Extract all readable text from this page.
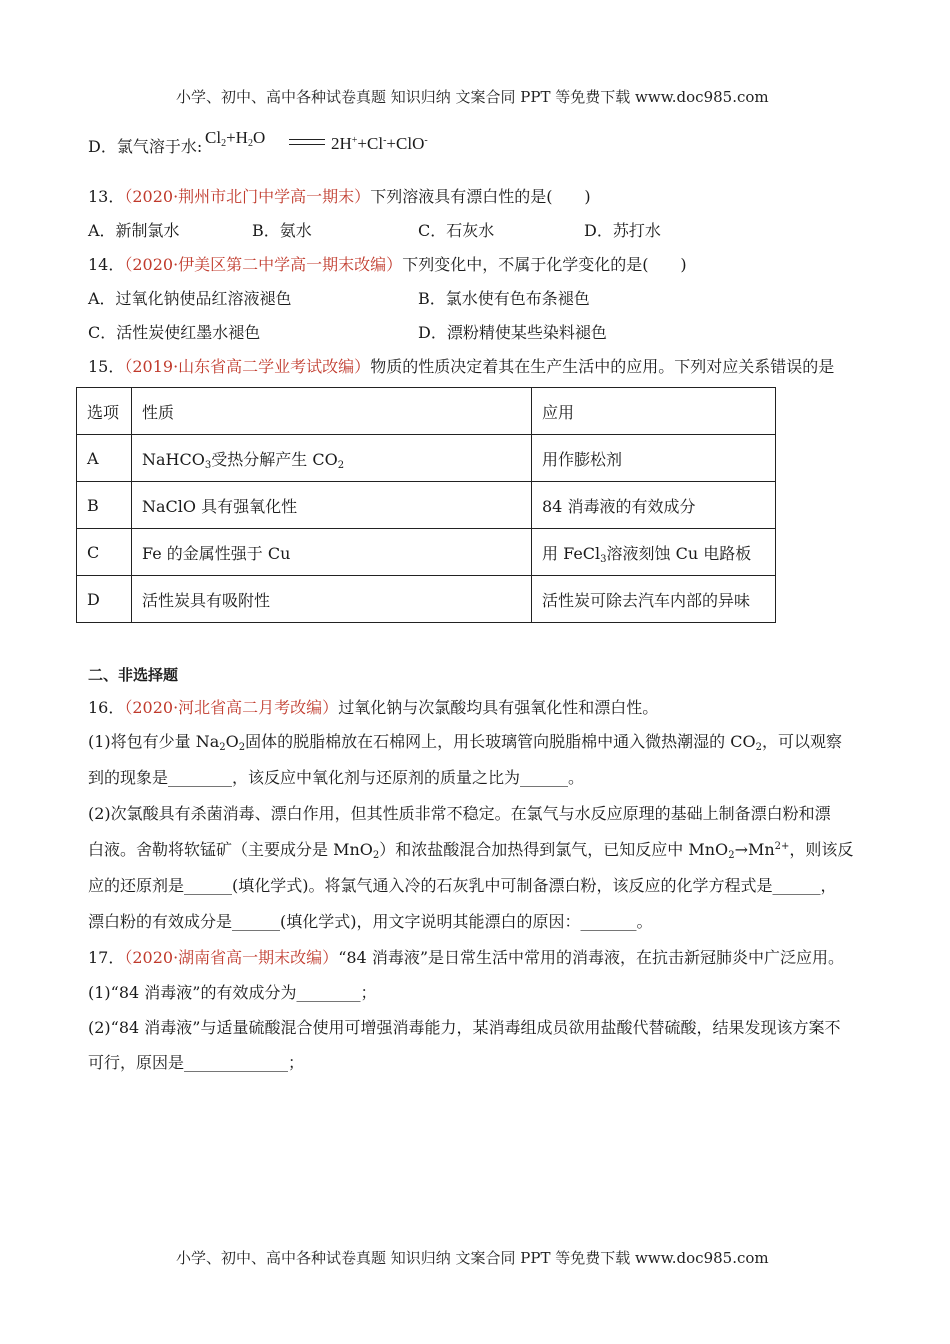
小学、初中、高中各种试卷真题 知识归纳 文案合同 PPT 等免费下载 www.doc985.com
D．氯气溶于水: $Cl_2+H_2O$	2H++Cl-+ClO-
13．（2020·荆州市北门中学高一期末）下列溶液具有漂白性的是(　　)
A．新制氯水	B．氨水	C．石灰水	D．苏打水
14．（2020·伊美区第二中学高一期末改编）下列变化中，不属于化学变化的是(　　)
A．过氧化钠使品红溶液褪色	B．氯水使有色布条褪色
C．活性炭使红墨水褪色	D．漂粉精使某些染料褪色
15．（2019·山东省高二学业考试改编）物质的性质决定着其在生产生活中的应用。下列对应关系错误的是
选项	性质	应用
A	NaHCO$_3$受热分解产生 $CO_2$	用作膨松剂
B	NaClO 具有强氧化性	84 消毒液的有效成分
C	Fe 的金属性强于 Cu	用 FeCl$_3$溶液刻蚀 Cu 电路板
D	活性炭具有吸附性	活性炭可除去汽车内部的异味
二、非选择题
16．（2020·河北省高二月考改编）过氧化钠与次氯酸均具有强氧化性和漂白性。
(1)将包有少量 $Na_2O_2$固体的脱脂棉放在石棉网上，用长玻璃管向脱脂棉中通入微热潮湿的 $CO_2$，可以观察
到的现象是________，该反应中氧化剂与还原剂的质量之比为______。
(2)次氯酸具有杀菌消毒、漂白作用，但其性质非常不稳定。在氯气与水反应原理的基础上制备漂白粉和漂
白液。舍勒将软锰矿（主要成分是 MnO$_2$）和浓盐酸混合加热得到氯气，已知反应中 $MnO_2\to Mn^{2+}$，则该反
应的还原剂是______(填化学式)。将氯气通入冷的石灰乳中可制备漂白粉，该反应的化学方程式是______，
漂白粉的有效成分是______(填化学式)，用文字说明其能漂白的原因：_______。
17．（2020·湖南省高一期末改编）“84 消毒液”是日常生活中常用的消毒液，在抗击新冠肺炎中广泛应用。
(1)“84 消毒液”的有效成分为________；
(2)“84 消毒液”与适量硫酸混合使用可增强消毒能力，某消毒组成员欲用盐酸代替硫酸，结果发现该方案不
可行，原因是_____________；
小学、初中、高中各种试卷真题 知识归纳 文案合同 PPT 等免费下载 www.doc985.com
